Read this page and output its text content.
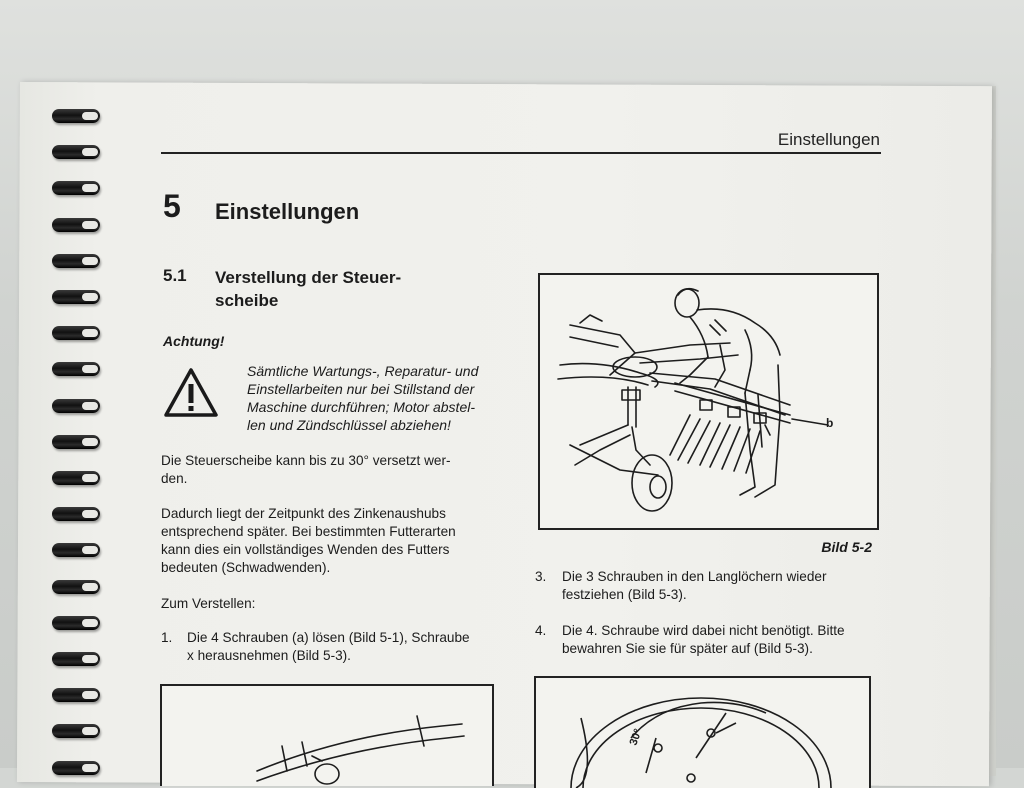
Einstellungen
5 Einstellungen
5.1 Verstellung der Steuer-
scheibe
Achtung!
Sämtliche Wartungs-, Reparatur- und
Einstellarbeiten nur bei Stillstand der
Maschine durchführen; Motor abstel-
len und Zündschlüssel abziehen!
Die Steuerscheibe kann bis zu 30° versetzt wer-
den.
Dadurch liegt der Zeitpunkt des Zinkenaushubs
entsprechend später. Bei bestimmten Futterarten
kann dies ein vollständiges Wenden des Futters
bedeuten (Schwadwenden).
Zum Verstellen:
1. Die 4 Schrauben (a) lösen (Bild 5-1), Schraube
x herausnehmen (Bild 5-3).
3. Die 3 Schrauben in den Langlöchern wieder
festziehen (Bild 5-3).
4. Die 4. Schraube wird dabei nicht benötigt. Bitte
bewahren Sie sie für später auf (Bild 5-3).
b
Bild 5-2
30°
